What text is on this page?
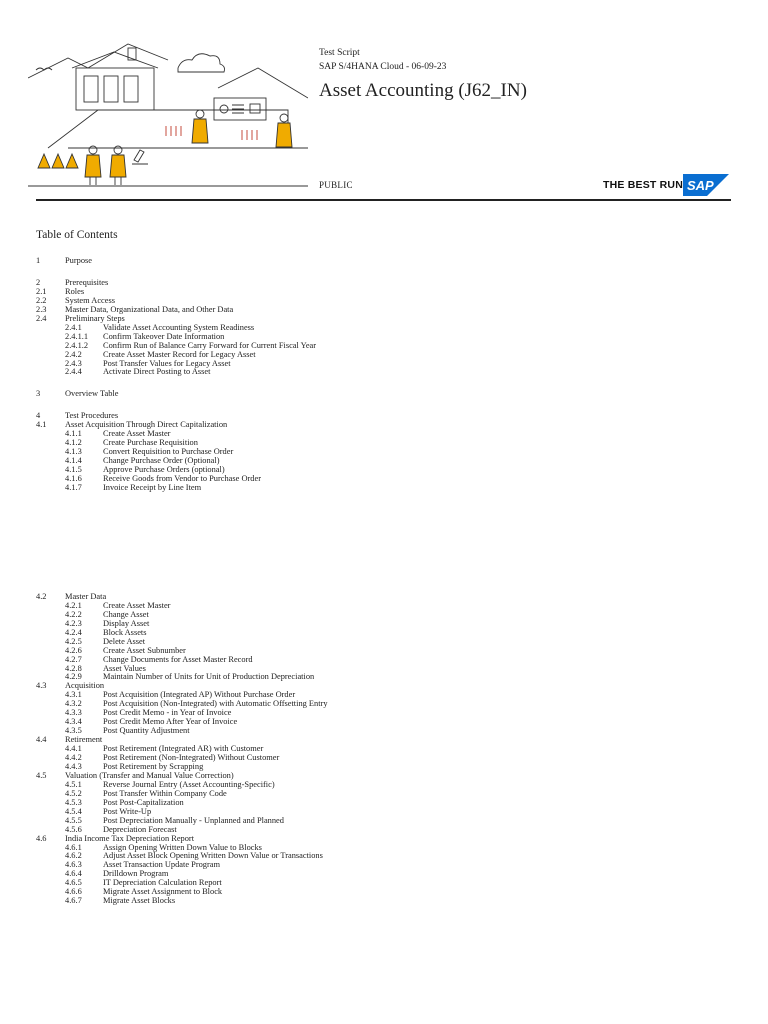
Test Script
SAP S/4HANA Cloud - 06-09-23
Asset Accounting (J62_IN)
PUBLIC	THE BEST RUN SAP
Table of Contents
1	Purpose
2	Prerequisites
2.1 Roles
2.2 System Access
2.3 Master Data, Organizational Data, and Other Data
2.4 Preliminary Steps
2.4.1	Validate Asset Accounting System Readiness
2.4.1.1 Confirm Takeover Date Information
2.4.1.2 Confirm Run of Balance Carry Forward for Current Fiscal Year
2.4.2	Create Asset Master Record for Legacy Asset
2.4.3	Post Transfer Values for Legacy Asset
2.4.4	Activate Direct Posting to Asset
3	Overview Table
4	Test Procedures
4.1 Asset Acquisition Through Direct Capitalization
4.1.1	Create Asset Master
4.1.2	Create Purchase Requisition
4.1.3	Convert Requisition to Purchase Order
4.1.4	Change Purchase Order (Optional)
4.1.5	Approve Purchase Orders (optional)
4.1.6	Receive Goods from Vendor to Purchase Order
4.1.7	Invoice Receipt by Line Item
4.2 Master Data
4.2.1	Create Asset Master
4.2.2	Change Asset
4.2.3	Display Asset
4.2.4	Block Assets
4.2.5	Delete Asset
4.2.6	Create Asset Subnumber
4.2.7	Change Documents for Asset Master Record
4.2.8	Asset Values
4.2.9	Maintain Number of Units for Unit of Production Depreciation
4.3 Acquisition
4.3.1	Post Acquisition (Integrated AP) Without Purchase Order
4.3.2	Post Acquisition (Non-Integrated) with Automatic Offsetting Entry
4.3.3	Post Credit Memo - in Year of Invoice
4.3.4	Post Credit Memo After Year of Invoice
4.3.5	Post Quantity Adjustment
4.4 Retirement
4.4.1	Post Retirement (Integrated AR) with Customer
4.4.2	Post Retirement (Non-Integrated) Without Customer
4.4.3	Post Retirement by Scrapping
4.5 Valuation (Transfer and Manual Value Correction)
4.5.1	Reverse Journal Entry (Asset Accounting-Specific)
4.5.2	Post Transfer Within Company Code
4.5.3	Post Post-Capitalization
4.5.4	Post Write-Up
4.5.5	Post Depreciation Manually - Unplanned and Planned
4.5.6	Depreciation Forecast
4.6 India Income Tax Depreciation Report
4.6.1	Assign Opening Written Down Value to Blocks
4.6.2	Adjust Asset Block Opening Written Down Value or Transactions
4.6.3	Asset Transaction Update Program
4.6.4	Drilldown Program
4.6.5	IT Depreciation Calculation Report
4.6.6	Migrate Asset Assignment to Block
4.6.7	Migrate Asset Blocks
